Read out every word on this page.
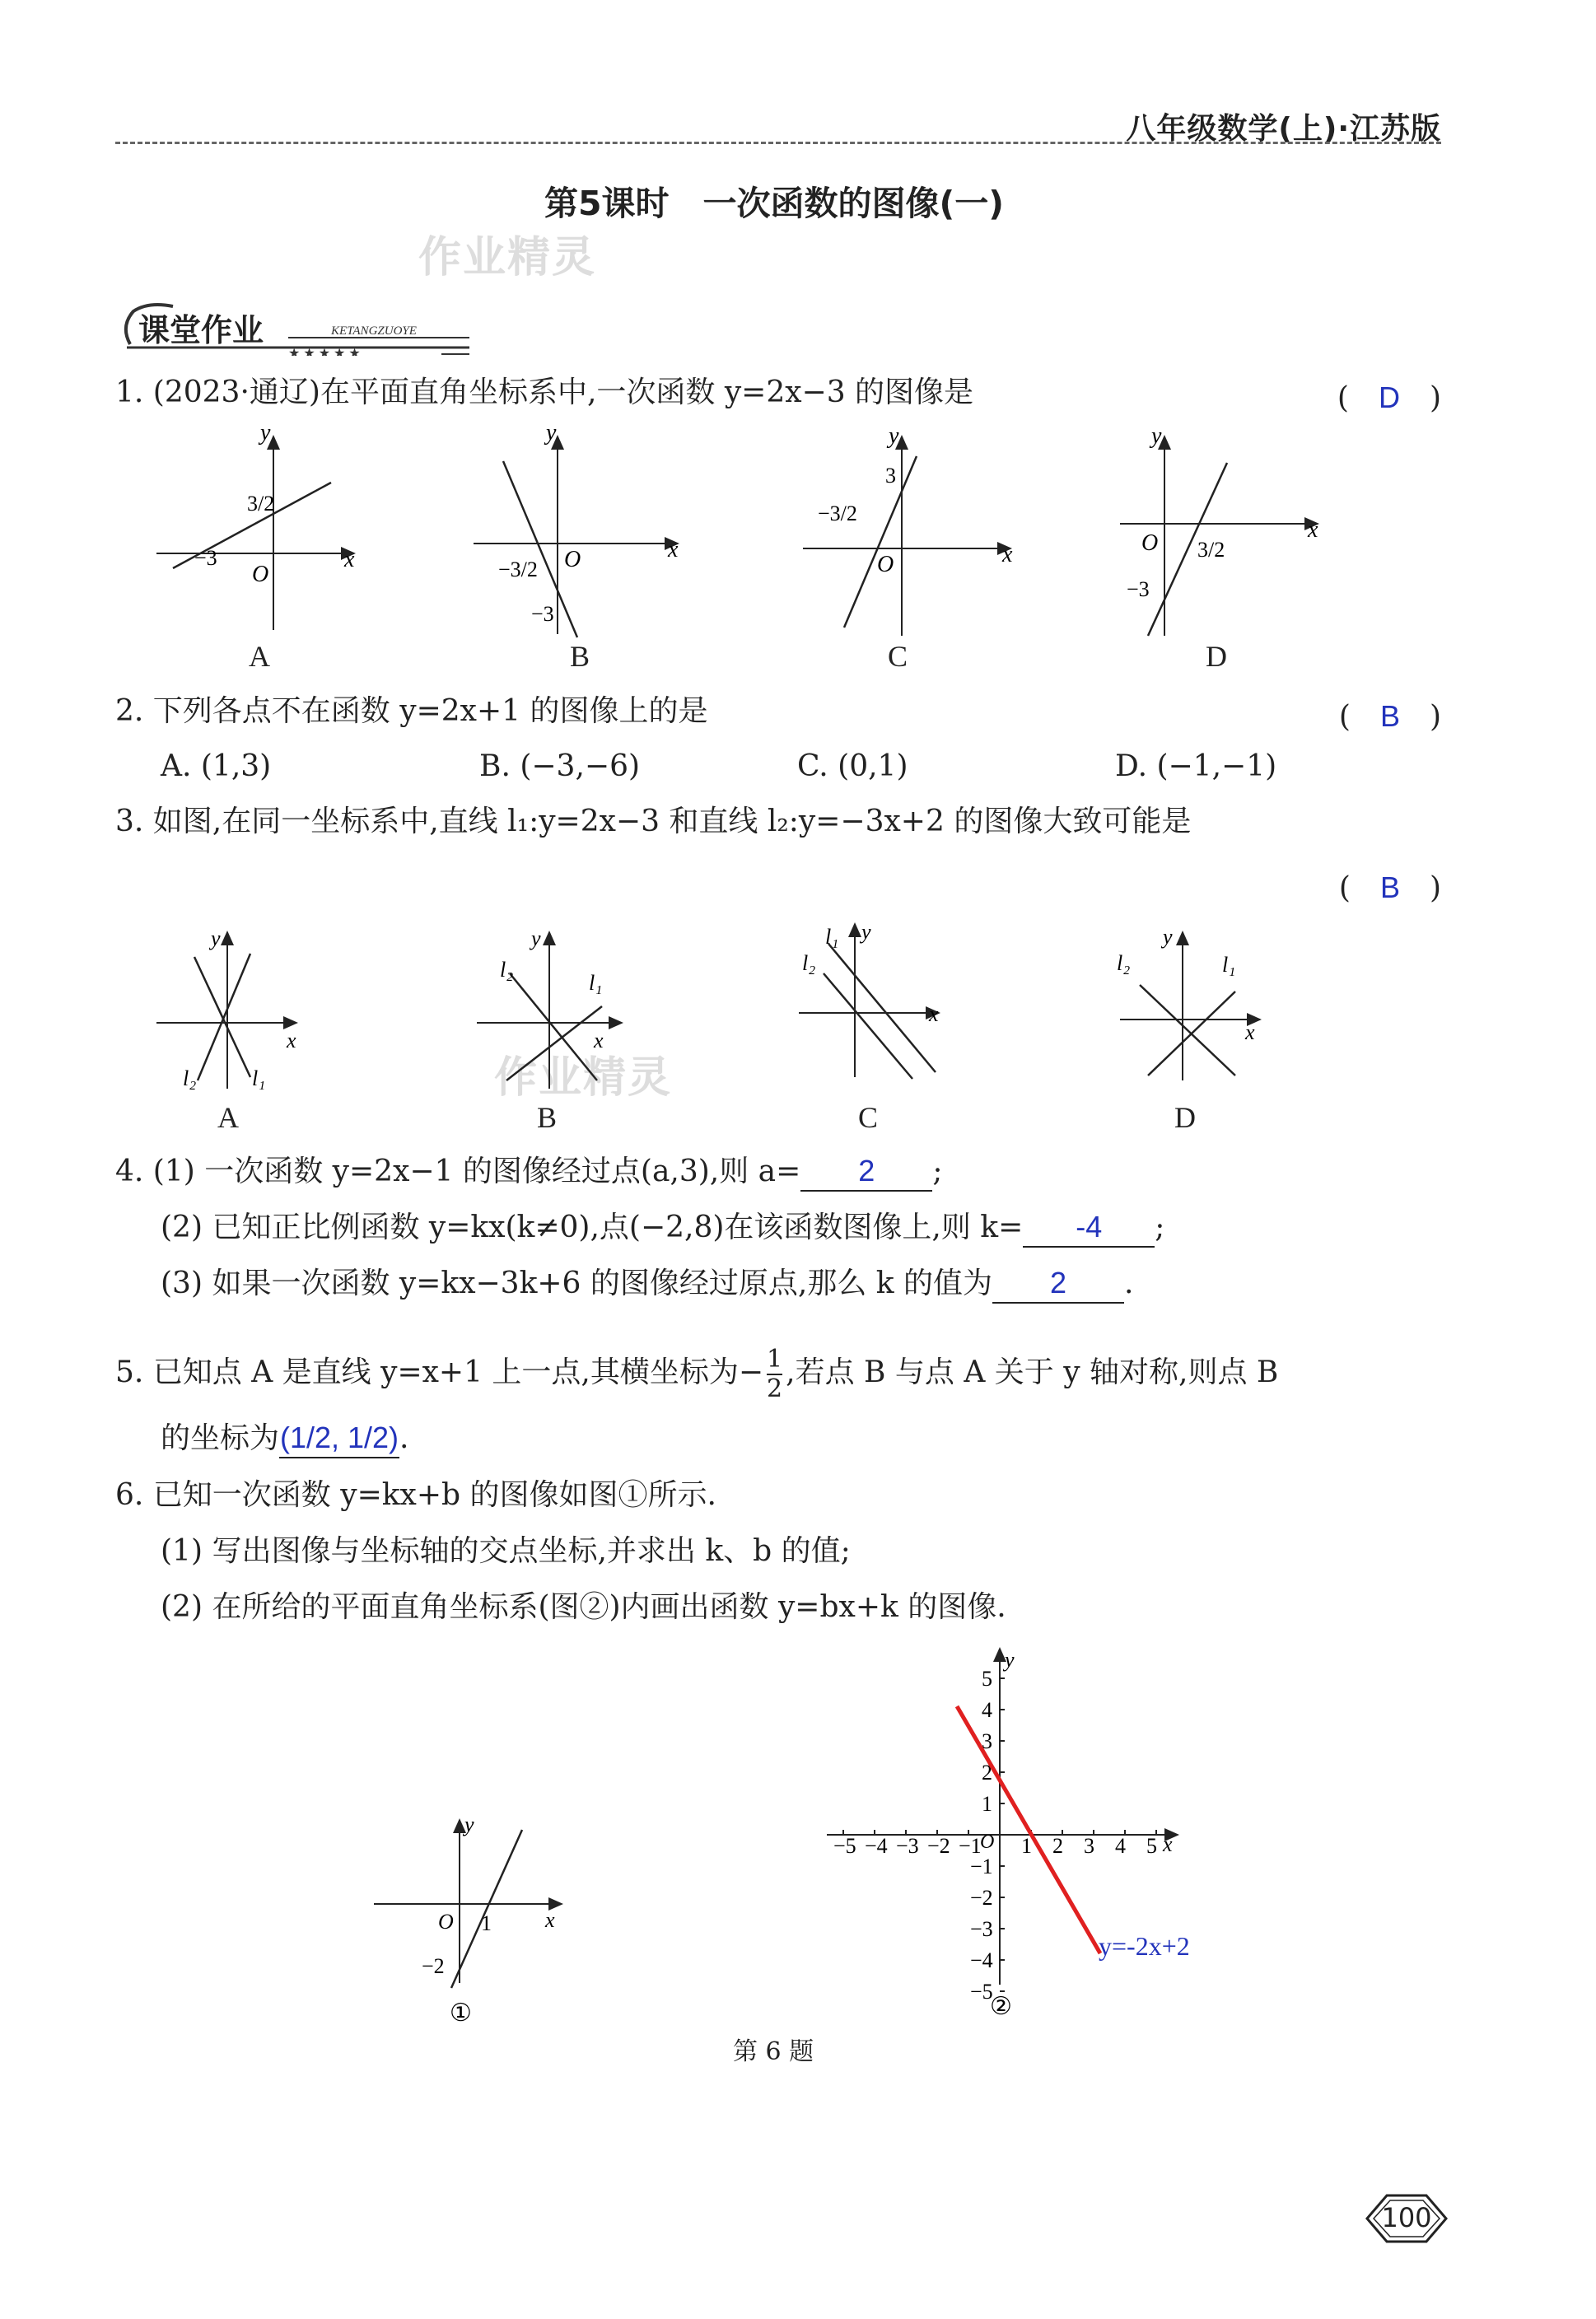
八年级数学(上)·江苏版
第5课时　一次函数的图像(一)
作业精灵
作业精灵
KETANGZUOYE
★ ★ ★ ★ ★
课堂作业
1. (2023·通辽)在平面直角坐标系中,一次函数 y=2x−3 的图像是	(　D　)
y
x
O
3/2
−3
y
x
O
−3/2
−3
y
x
O
−3/2
3
y
x
O 3/2
−3
A	B	C	D
2. 下列各点不在函数 y=2x+1 的图像上的是	(　B　)
A. (1,3)	B. (−3,−6)	C. (0,1)	D. (−1,−1)
3. 如图,在同一坐标系中,直线 l₁:y=2x−3 和直线 l₂:y=−3x+2 的图像大致可能是
(　B　)
y
x
l₂	l₁
y
x
l₂
l₁
y
x
l₁
l₂
y
x
l₂	l₁
A	B	C	D
4. (1) 一次函数 y=2x−1 的图像经过点(a,3),则 a= 2 ;
(2) 已知正比例函数 y=kx(k≠0),点(−2,8)在该函数图像上,则 k= -4 ;
(3) 如果一次函数 y=kx−3k+6 的图像经过原点,那么 k 的值为 2 .
5. 已知点 A 是直线 y=x+1 上一点,其横坐标为− $\frac{1}{2}$ ,若点 B 与点 A 关于 y 轴对称,则点 B
的坐标为(1/2, 1/2).
6. 已知一次函数 y=kx+b 的图像如图①所示.
(1) 写出图像与坐标轴的交点坐标,并求出 k、b 的值;
(2) 在所给的平面直角坐标系(图②)内画出函数 y=bx+k 的图像.
y
x
O 1
−2
①
−5 −4 −3 −2 −1 1 2 3 4 5
5
4
3
2
1
−1
−2
−3
−4
−5
y
x
O
y=-2x+2
②
第 6 题
100
